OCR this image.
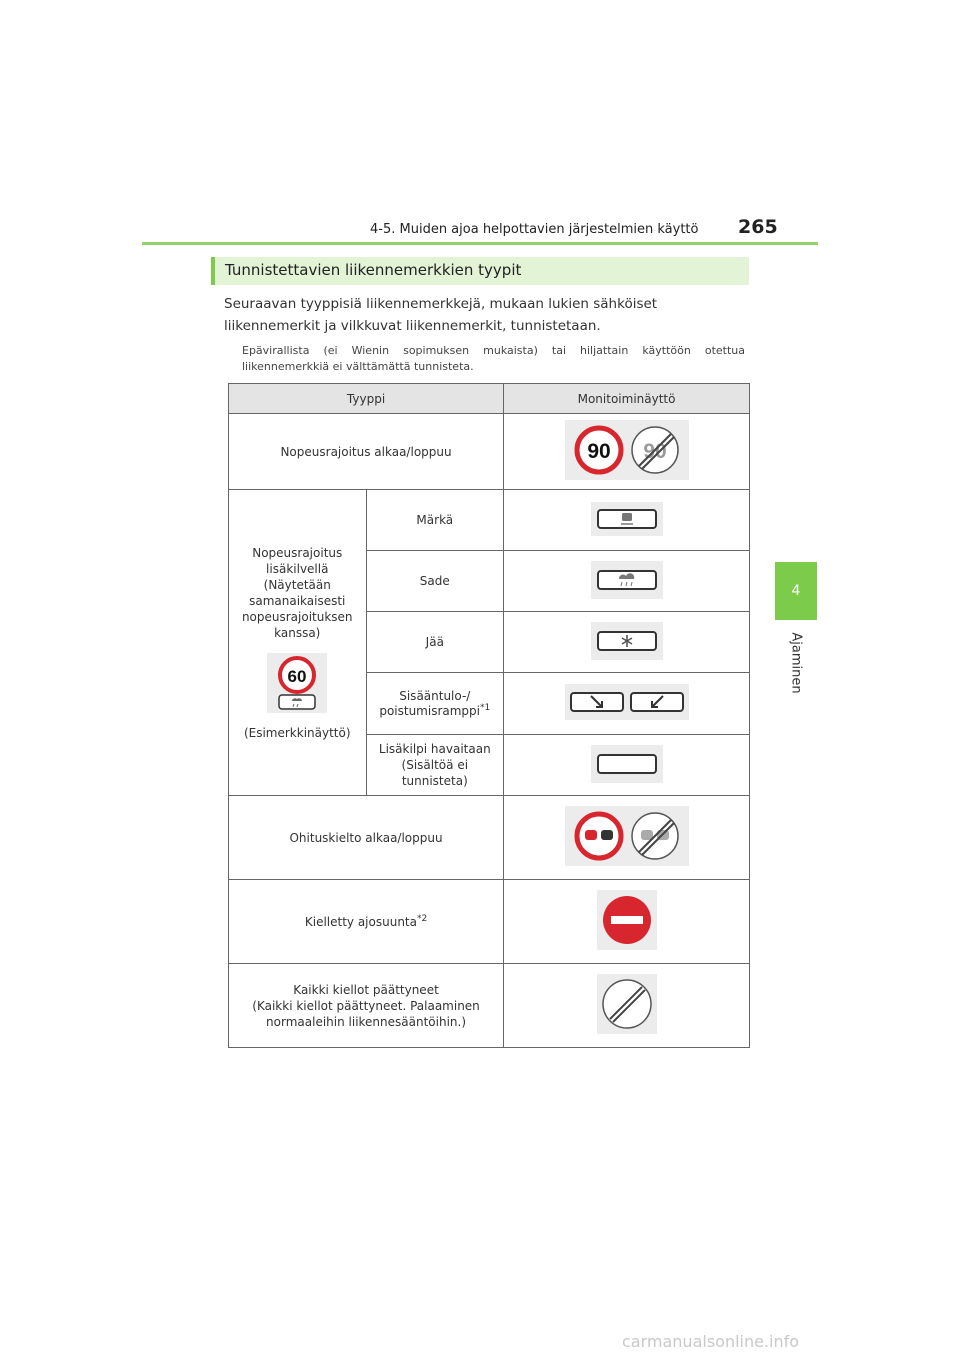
4-5. Muiden ajoa helpottavien järjestelmien käyttö 265
4
Ajaminen
Tunnistettavien liikennemerkkien tyypit
Seuraavan tyyppisiä liikennemerkkejä, mukaan lukien sähköiset liikennemerkit ja vilkkuvat liikennemerkit, tunnistetaan.
Epävirallista (ei Wienin sopimuksen mukaista) tai hiljattain käyttöön otettua liikennemerkkiä ei välttämättä tunnisteta.
Tyyppi		Monitoiminäyttö
Nopeusrajoitus alkaa/loppuu		90 90

Nopeusrajoitus lisäkilvellä (Näytetään samanaikaisesti nopeusrajoituksen kanssa)
60
(Esimerkkinäyttö)	Märkä	
	Sade	
	Jää	

	Sisääntulo-/ poistumisramppi$^{*1}$

	Lisäkilpi havaitaan (Sisältöä ei tunnisteta)

Ohituskielto alkaa/loppuu	
Kielletty ajosuunta$^{*2}$	

Kaikki kiellot päättyneet
(Kaikki kiellot päättyneet. Palaaminen normaaleihin liikennesääntöihin.)

carmanualsonline.info
